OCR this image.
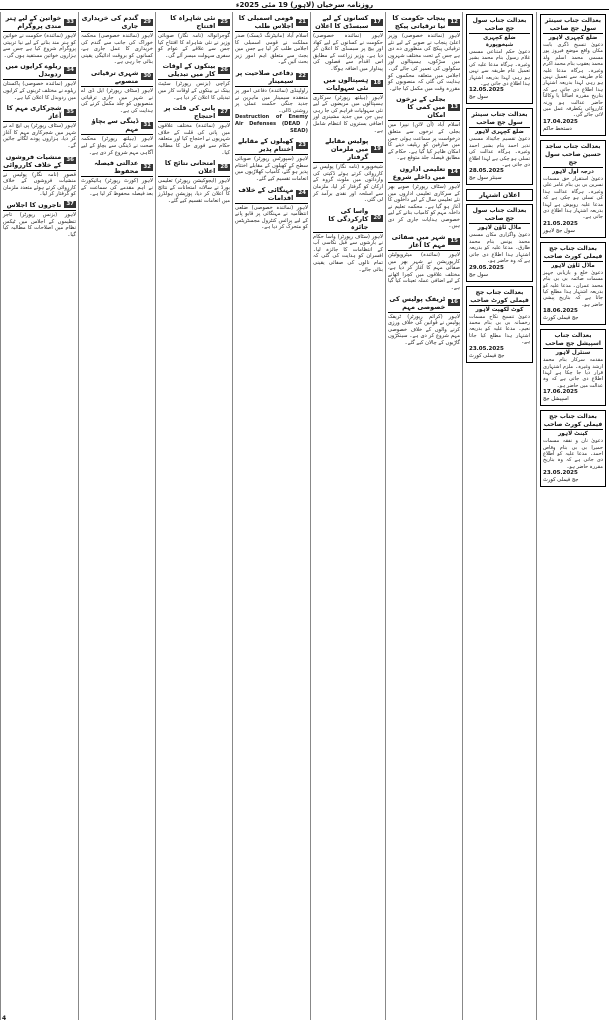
روزنامہ سرخیاں (لاہور) 19 مئی 2025ء
بعدالت جناب سینئر سول جج صاحب
ضلع کچہری لاہور
دعویٰ تنسیخ ڈگری بابت مکان واقع موضع فیروز پور مسمی محمد اسلم ولد محمد یعقوب بنام محمد اکرم وغیرہ۔ ہرگاہ مدعا علیہ عام طریقہ سے تعمیل نہیں ہو رہی لہذا بذریعہ اشتہار ہذا اطلاع دی جاتی ہے کہ بتاریخ مقررہ اصالتاً یا وکالتاً حاضر عدالت ہو ورنہ کارروائی یکطرفہ عمل میں لائی جائے گی۔
17.04.2025
دستخط حاکم
بعدالت جناب ساجد حسین صاحب سول جج
درجہ اول لاہور
دعویٰ استقرار حق مسمات نسرین بی بی بنام عامر علی وغیرہ۔ ہرگاہ عدالت ہذا کی تسلی ہو چکی ہے کہ مدعا علیہ روپوش ہے لہذا بذریعہ اشتہار ہذا اطلاع دی جاتی ہے۔
21.05.2025
سول جج لاہور
بعدالت جناب جج فیملی کورٹ صاحب
ماڈل ٹاؤن لاہور
دعویٰ خلع و بازیابی جہیز مسمات صائمہ بی بی بنام محمد عمران۔ مدعا علیہ کو بذریعہ اشتہار ہذا مطلع کیا جاتا ہے کہ بتاریخ پیشی حاضر ہو۔
18.06.2025
جج فیملی کورٹ
بعدالت جناب اسپیشل جج صاحب
سنٹرل لاہور
مقدمہ سرکار بنام محمد ارشد وغیرہ۔ ملزم اشتہاری قرار دیا جا چکا ہے لہذا اطلاع دی جاتی ہے کہ وہ عدالت میں حاضر ہو۔
17.06.2025
اسپیشل جج
بعدالت جناب جج فیملی کورٹ صاحب
کینٹ لاہور
دعویٰ نان و نفقہ مسمات حمیرا بی بی بنام وقاص احمد۔ مدعا علیہ کو اطلاع دی جاتی ہے کہ وہ بتاریخ مقررہ حاضر ہو۔
23.05.2025
جج فیملی کورٹ
بعدالت جناب سول جج صاحب
ضلع کچہری شیخوپورہ
دعویٰ حکم امتناعی مسمی غلام رسول بنام محمد بشیر وغیرہ۔ ہرگاہ مدعا علیہ کی تعمیل عام طریقہ سے نہیں ہو رہی لہذا بذریعہ اشتہار ہذا اطلاع دی جاتی ہے۔
12.05.2025
سول جج
بعدالت جناب سینئر سول جج صاحب
ضلع کچہری لاہور
دعویٰ تقسیم جائیداد مسمی نذیر احمد بنام بشیر احمد وغیرہ۔ ہرگاہ عدالت کی تسلی ہو چکی ہے لہذا اطلاع دی جاتی ہے۔
28.05.2025
سینئر سول جج
اعلان اشتہار
بعدالت جناب سول جج صاحب
ماڈل ٹاؤن لاہور
دعویٰ واگزاری مکان مسمی محمد یونس بنام محمد طارق۔ مدعا علیہ کو بذریعہ اشتہار ہذا اطلاع دی جاتی ہے کہ وہ حاضر ہو۔
29.05.2025
سول جج
بعدالت جناب جج فیملی کورٹ صاحب
کوٹ لکھپت لاہور
دعویٰ تنسیخ نکاح مسمات رخسانہ بی بی بنام محمد نعیم۔ مدعا علیہ کو بذریعہ اشتہار ہذا مطلع کیا جاتا ہے۔
23.05.2025
جج فیملی کورٹ
12
پنجاب حکومت کا نیا ترقیاتی پیکج
لاہور (نمائندہ خصوصی) وزیر اعلیٰ پنجاب نے صوبے کے لیے نئے ترقیاتی پیکج کی منظوری دے دی ہے جس کے تحت مختلف شہروں میں سڑکوں، ہسپتالوں اور سکولوں کی تعمیر کی جائے گی۔ اجلاس میں متعلقہ محکموں کو ہدایت کی گئی کہ منصوبوں کو مقررہ وقت میں مکمل کیا جائے۔
13
بجلی کے نرخوں میں کمی کا امکان
اسلام آباد (آن لائن) نیپرا میں بجلی کے نرخوں سے متعلق درخواست پر سماعت ہوئی جس میں صارفین کو ریلیف دینے کا امکان ظاہر کیا گیا ہے۔ حکام کے مطابق فیصلہ جلد متوقع ہے۔
14
تعلیمی اداروں میں داخلے شروع
لاہور (سٹاف رپورٹر) صوبے بھر کے سرکاری تعلیمی اداروں میں نئے تعلیمی سال کے لیے داخلوں کا آغاز ہو گیا ہے۔ محکمہ تعلیم نے داخلہ مہم کو کامیاب بنانے کے لیے خصوصی ہدایات جاری کر دی ہیں۔
15
شہر میں صفائی مہم کا آغاز
لاہور (نمائندہ) میٹروپولیٹن کارپوریشن نے شہر بھر میں صفائی مہم کا آغاز کر دیا ہے، مختلف علاقوں میں کچرا اٹھانے کے لیے اضافی عملہ تعینات کیا گیا ہے۔
16
ٹریفک پولیس کی خصوصی مہم
لاہور (کرائم رپورٹر) ٹریفک پولیس نے قوانین کی خلاف ورزی کرنے والوں کے خلاف خصوصی مہم شروع کر دی ہے۔ سینکڑوں گاڑیوں کے چالان کیے گئے۔
17
کسانوں کے لیے سبسڈی کا اعلان
لاہور (نمائندہ خصوصی) حکومت نے کسانوں کے لیے کھاد اور بیج پر سبسڈی کا اعلان کر دیا ہے۔ وزیر زراعت کے مطابق اس اقدام سے فصلوں کی پیداوار میں اضافہ ہوگا۔
18
ہسپتالوں میں نئی سہولیات
لاہور (ہیلتھ رپورٹر) سرکاری ہسپتالوں میں مریضوں کے لیے نئی سہولیات فراہم کی جا رہی ہیں جن میں جدید مشینری اور اضافی بستروں کا انتظام شامل ہے۔
19
پولیس مقابلے میں ملزمان گرفتار
شیخوپورہ (نامہ نگار) پولیس نے کارروائی کرتے ہوئے ڈکیتی کی وارداتوں میں ملوث گروہ کے ارکان کو گرفتار کر لیا، ملزمان سے اسلحہ اور نقدی برآمد کر لی گئی۔
20
واسا کی کارکردگی کا جائزہ
لاہور (سٹاف رپورٹر) واسا حکام نے بارشوں سے قبل نکاسی آب کے انتظامات کا جائزہ لیا۔ افسران کو ہدایت کی گئی کہ تمام نالوں کی صفائی یقینی بنائی جائے۔
21
قومی اسمبلی کا اجلاس طلب
اسلام آباد (مانیٹرنگ ڈیسک) صدر مملکت نے قومی اسمبلی کا اجلاس طلب کر لیا ہے جس میں بجٹ سے متعلق اہم امور زیر بحث آئیں گے۔
22
دفاعی صلاحیت پر سیمینار
راولپنڈی (نمائندہ) دفاعی امور پر منعقدہ سیمینار میں ماہرین نے جدید جنگی حکمت عملی پر روشنی ڈالی۔
Destruction of Enemy Air Defenses (DEAD / SEAD)
23
کھیلوں کے مقابلے اختتام پذیر
لاہور (سپورٹس رپورٹر) صوبائی سطح کے کھیلوں کے مقابلے اختتام پذیر ہو گئے، کامیاب کھلاڑیوں میں انعامات تقسیم کیے گئے۔
24
مہنگائی کے خلاف اقدامات
لاہور (نمائندہ خصوصی) ضلعی انتظامیہ نے مہنگائی پر قابو پانے کے لیے پرائس کنٹرول مجسٹریٹس کو متحرک کر دیا ہے۔
25
نئی شاہراہ کا افتتاح
گوجرانوالہ (نامہ نگار) صوبائی وزیر نے نئی شاہراہ کا افتتاح کیا جس سے علاقے کے عوام کو سفری سہولت میسر آئے گی۔
26
بینکوں کے اوقات کار میں تبدیلی
کراچی (بزنس رپورٹر) سٹیٹ بینک نے بینکوں کے اوقات کار میں تبدیلی کا اعلان کر دیا ہے۔
27
پانی کی قلت پر احتجاج
لاہور (نمائندہ) مختلف علاقوں میں پانی کی قلت کے خلاف شہریوں نے احتجاج کیا اور متعلقہ حکام سے فوری حل کا مطالبہ کیا۔
28
امتحانی نتائج کا اعلان
لاہور (ایجوکیشن رپورٹر) تعلیمی بورڈ نے سالانہ امتحانات کے نتائج کا اعلان کر دیا، پوزیشن ہولڈرز میں انعامات تقسیم کیے گئے۔
29
گندم کی خریداری جاری
لاہور (نمائندہ خصوصی) محکمہ خوراک کی جانب سے گندم کی خریداری کا عمل جاری ہے، کسانوں کو بروقت ادائیگی یقینی بنائی جا رہی ہے۔
30
شہری ترقیاتی منصوبے
لاہور (سٹاف رپورٹر) ایل ڈی اے نے شہر میں جاری ترقیاتی منصوبوں کو جلد مکمل کرنے کی ہدایت کی ہے۔
31
ڈینگی سے بچاؤ مہم
لاہور (ہیلتھ رپورٹر) محکمہ صحت نے ڈینگی سے بچاؤ کے لیے آگاہی مہم شروع کر دی ہے۔
32
عدالتی فیصلہ محفوظ
لاہور (کورٹ رپورٹر) ہائیکورٹ نے اہم مقدمے کی سماعت کے بعد فیصلہ محفوظ کر لیا ہے۔
33
خواتین کے لیے ہنر مندی پروگرام
لاہور (نمائندہ) حکومت نے خواتین کو ہنر مند بنانے کے لیے نیا تربیتی پروگرام شروع کیا ہے جس سے ہزاروں خواتین مستفید ہوں گی۔
34
ریلوے کرایوں میں ردوبدل
لاہور (نمائندہ خصوصی) پاکستان ریلوے نے مختلف ٹرینوں کے کرایوں میں ردوبدل کا اعلان کیا ہے۔
35
شجرکاری مہم کا آغاز
لاہور (سٹاف رپورٹر) پی ایچ اے نے شہر میں شجرکاری مہم کا آغاز کر دیا، ہزاروں پودے لگائے جائیں گے۔
36
منشیات فروشوں کے خلاف کارروائی
قصور (نامہ نگار) پولیس نے منشیات فروشوں کے خلاف کارروائی کرتے ہوئے متعدد ملزمان کو گرفتار کر لیا۔
37
تاجروں کا اجلاس
لاہور (بزنس رپورٹر) تاجر تنظیموں کے اجلاس میں ٹیکس نظام میں اصلاحات کا مطالبہ کیا گیا۔
4
